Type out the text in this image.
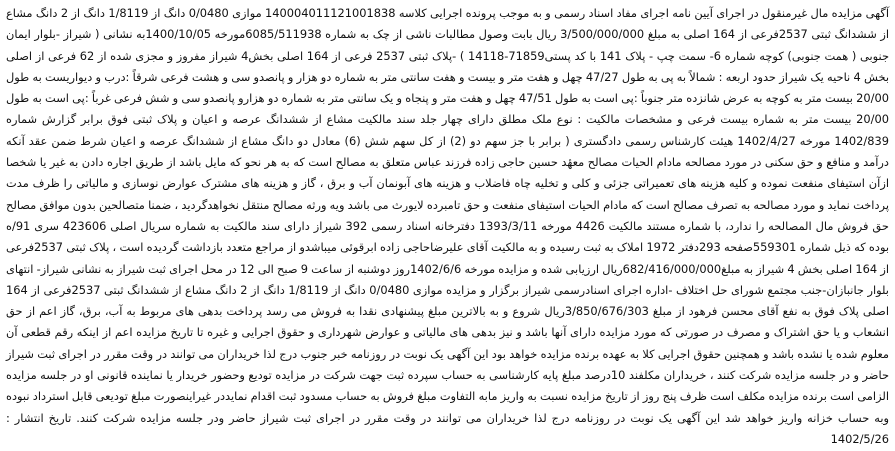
آگهی مزایده مال غیرمنقول در اجرای آیین نامه اجرای مفاد اسناد رسمی و به موجب پرونده اجرایی کلاسه 140004011121001838 موازی 0/0480 دانگ از 1/8119 دانگ از 2 دانگ مشاع از ششدانگ ثبتی 2537فرعی از 164 اصلی به مبلغ 3/500/000/000 ریال بابت وصول مطالبات ناشی از چک به شماره 6085/511938مورخه 1400/10/05به نشانی ( شیراز -بلوار ایمان جنوبی ( همت جنوبی) کوچه شماره 6- سمت چپ - پلاک 141 با کد پستی71859-14118 ) -پلاک ثبتی 2537 فرعی از 164 اصلی بخش4 شیراز مفروز و مجزی شده از 62 فرعی از اصلی بخش 4 ناحیه یک شیراز حدود اربعه : شمالاً به پی به طول 47/27 چهل و هفت متر و بیست و هفت سانتی متر به شماره دو هزار و پانصدو سی و هشت فرعی شرقاً :درب و دیواریست به طول 20/00 بیست متر به کوچه به عرض شانزده متر جنوباً :پی است به طول 47/51 چهل و هفت متر و پنجاه و یک سانتی متر به شماره دو هزارو پانصدو سی و شش فرعی غرباً :پی است به طول 20/00 بیست متر به شماره بیست فرعی و مشخصات مالکیت : نوع ملک مطلق دارای چهار جلد سند مالکیت مشاع از ششدانگ عرصه و اعیان و پلاک ثبتی فوق برابر گزارش شماره 1402/839 مورخه 1402/4/27 هیئت کارشناس رسمی دادگستری ( برابر با جز سهم دو (2) از کل سهم شش (6) معادل دو دانگ مشاع از ششدانگ عرصه و اعیان شرط ضمن عقد آنکه درآمد و منافع و حق سکنی در مورد مصالحه مادام الحیات مصالح معهٔد حسین حاجی زاده فرزند عباس متعلق به مصالح است که به هر نحو که مایل باشد از طریق اجاره دادن به غیر یا شخصا ازآن استیفای منفعت نموده و کلیه هزینه های تعمیراتی جزئی و کلی و تخلیه چاه فاضلاب و هزینه های آبونمان آب و برق ، گاز و هزینه های مشترک عوارض نوسازی و مالیاتی را ظرف مدت پرداخت نماید و مورد مصالحه به تصرف مصالح است که مادام الحیات استیفای منفعت و حق تامبرده لایورث می باشد ویه ورثه مصالح منتقل نخواهدگردید ، ضمنا متصالحین بدون موافق مصالح حق فروش مال المصالحه را ندارد، با شماره مستند مالکیت 4426 مورخه 1393/3/11 دفترخانه اسناد رسمی 392 شیراز دارای سند مالکیت به شماره سریال اصلی 423606 سری 91/ه بوده که ذیل شماره 559301صفحه 293دفتر 1972 املاک به ثبت رسیده و به مالکیت آقای علیرضاحاجی زاده ابرقوئی میباشدو از مراجع متعدد بازداشت گردیده است ، پلاک ثبتی 2537فرعی از 164 اصلی بخش 4 شیراز به مبلغ682/416/000/000ریال ارزیابی شده و مزایده مورخه 1402/6/6روز دوشنبه از ساعت 9 صبح الی 12 در محل اجرای ثبت شیراز به نشانی شیراز- انتهای بلوار جانبازان-جنب مجتمع شورای حل اختلاف -اداره اجرای اسنادرسمی شیراز برگزار و مزایده موازی 0/0480 دانگ از 1/8119 دانگ از 2 دانگ مشاع از ششدانگ ثبتی 2537فرعی از 164 اصلی پلاک فوق به نفع آقای محسن فرهود از مبلغ 3/850/676/303ریال شروع و به بالاترین مبلغ پیشنهادی نقدا به فروش می رسد پرداخت بدهی های مربوط به آب، برق، گاز اعم از حق انشعاب و یا حق اشتراک و مصرف در صورتی که مورد مزایده دارای آنها باشد و نیز بدهی های مالیاتی و عوارض شهرداری و حقوق اجرایی و غیره تا تاریخ مزایده اعم از اینکه رقم قطعی آن معلوم شده یا نشده باشد و همچنین حقوق اجرایی کلا به عهده برنده مزایده خواهد بود این آگهی یک نوبت در روزنامه خبر جنوب درج لذا خریداران می توانند در وقت مقرر در اجرای ثبت شیراز حاضر و در جلسه مزایده شرکت کنند ، خریداران مکلفند 10درصد مبلغ پایه کارشناسی به حساب سپرده ثبت جهت شرکت در مزایده تودیع وحضور خریدار یا نماینده قانونی او در جلسه مزایده الزامی است برنده مزایده مکلف است ظرف پنج روز از تاریخ مزایده نسبت به واریز مابه التفاوت مبلغ فروش به حساب مسدود ثبت اقدام نمایددر غیراینصورت مبلغ تودیعی قابل استرداد نبوده وبه حساب خزانه واریز خواهد شد این آگهی یک نوبت در روزنامه درج لذا خریداران می توانند در وقت مقرر در اجرای ثبت شیراز حاضر ودر جلسه مزایده شرکت کنند. تاریخ انتشار : 1402/5/26
